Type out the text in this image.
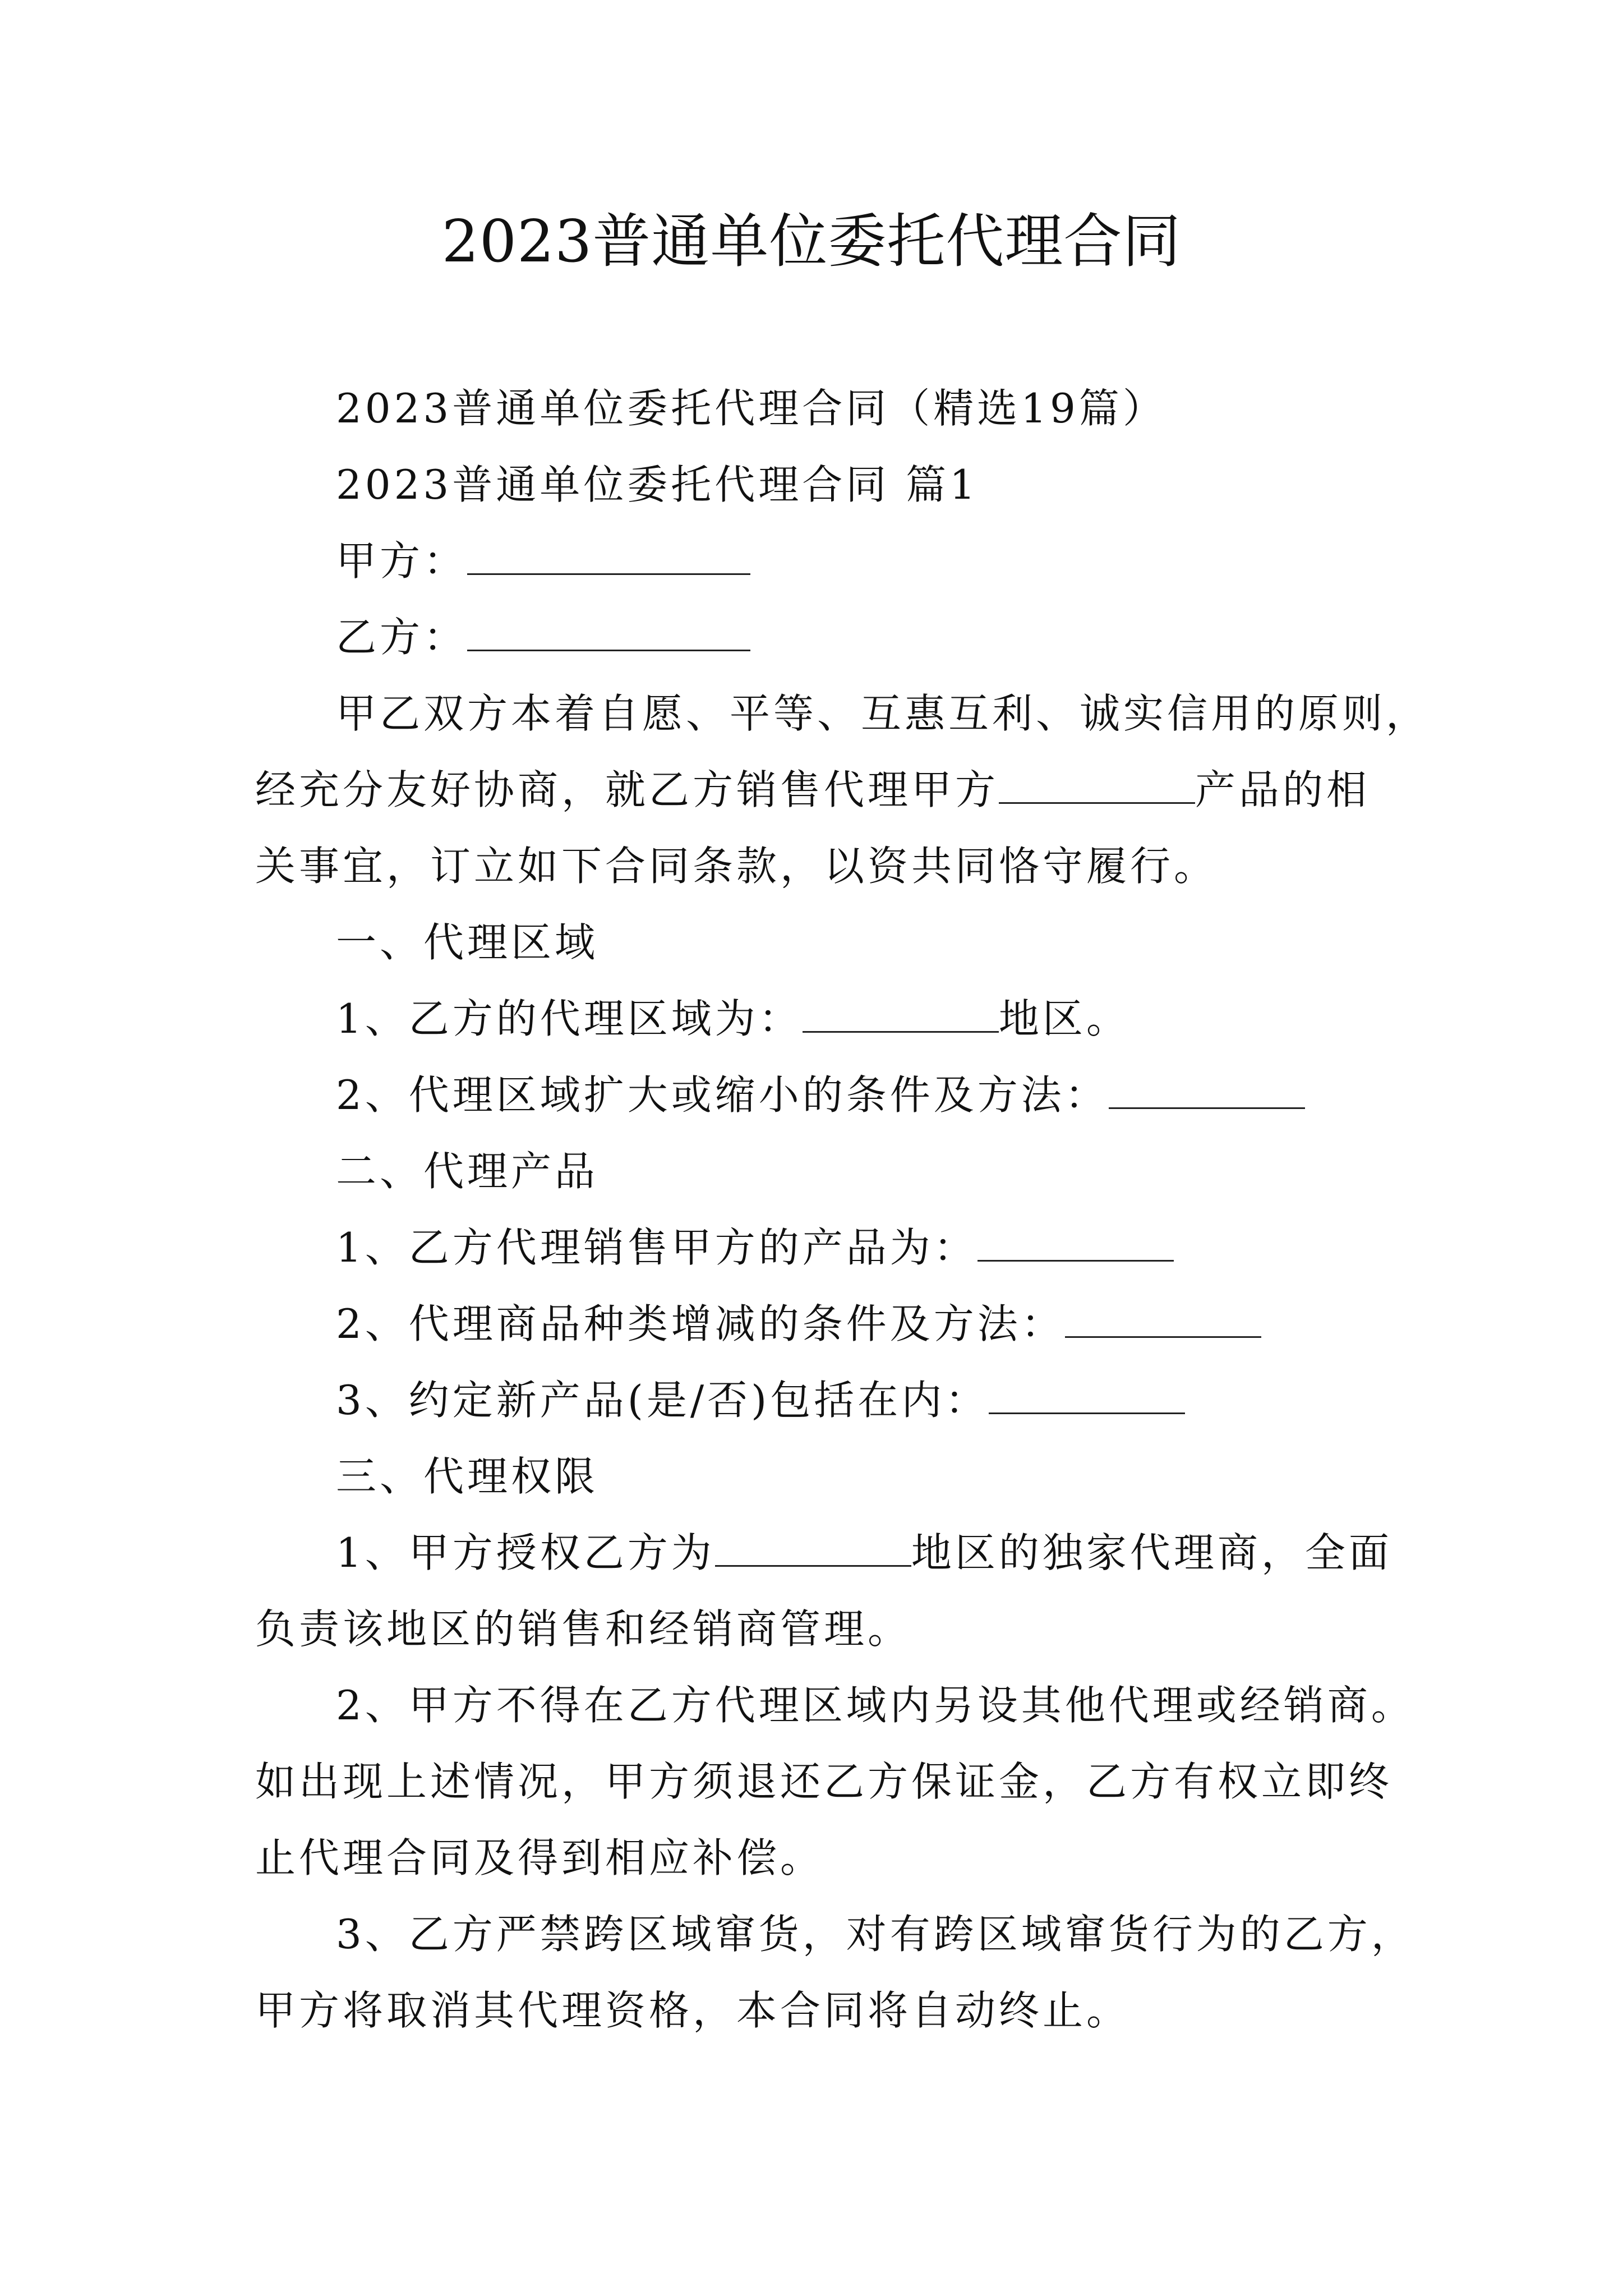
2023普通单位委托代理合同
2023普通单位委托代理合同（精选19篇）
2023普通单位委托代理合同 篇1
甲方：
乙方：
甲乙双方本着自愿、平等、互惠互利、诚实信用的原则，
经充分友好协商，就乙方销售代理甲方	产品的相
关事宜，订立如下合同条款，以资共同恪守履行。
一、代理区域
1、乙方的代理区域为：	地区。
2、代理区域扩大或缩小的条件及方法：
二、代理产品
1、乙方代理销售甲方的产品为：
2、代理商品种类增减的条件及方法：
3、约定新产品(是/否)包括在内：
三、代理权限
1、甲方授权乙方为	地区的独家代理商，全面
负责该地区的销售和经销商管理。
2、甲方不得在乙方代理区域内另设其他代理或经销商。
如出现上述情况，甲方须退还乙方保证金，乙方有权立即终
止代理合同及得到相应补偿。
3、乙方严禁跨区域窜货，对有跨区域窜货行为的乙方，
甲方将取消其代理资格，本合同将自动终止。
